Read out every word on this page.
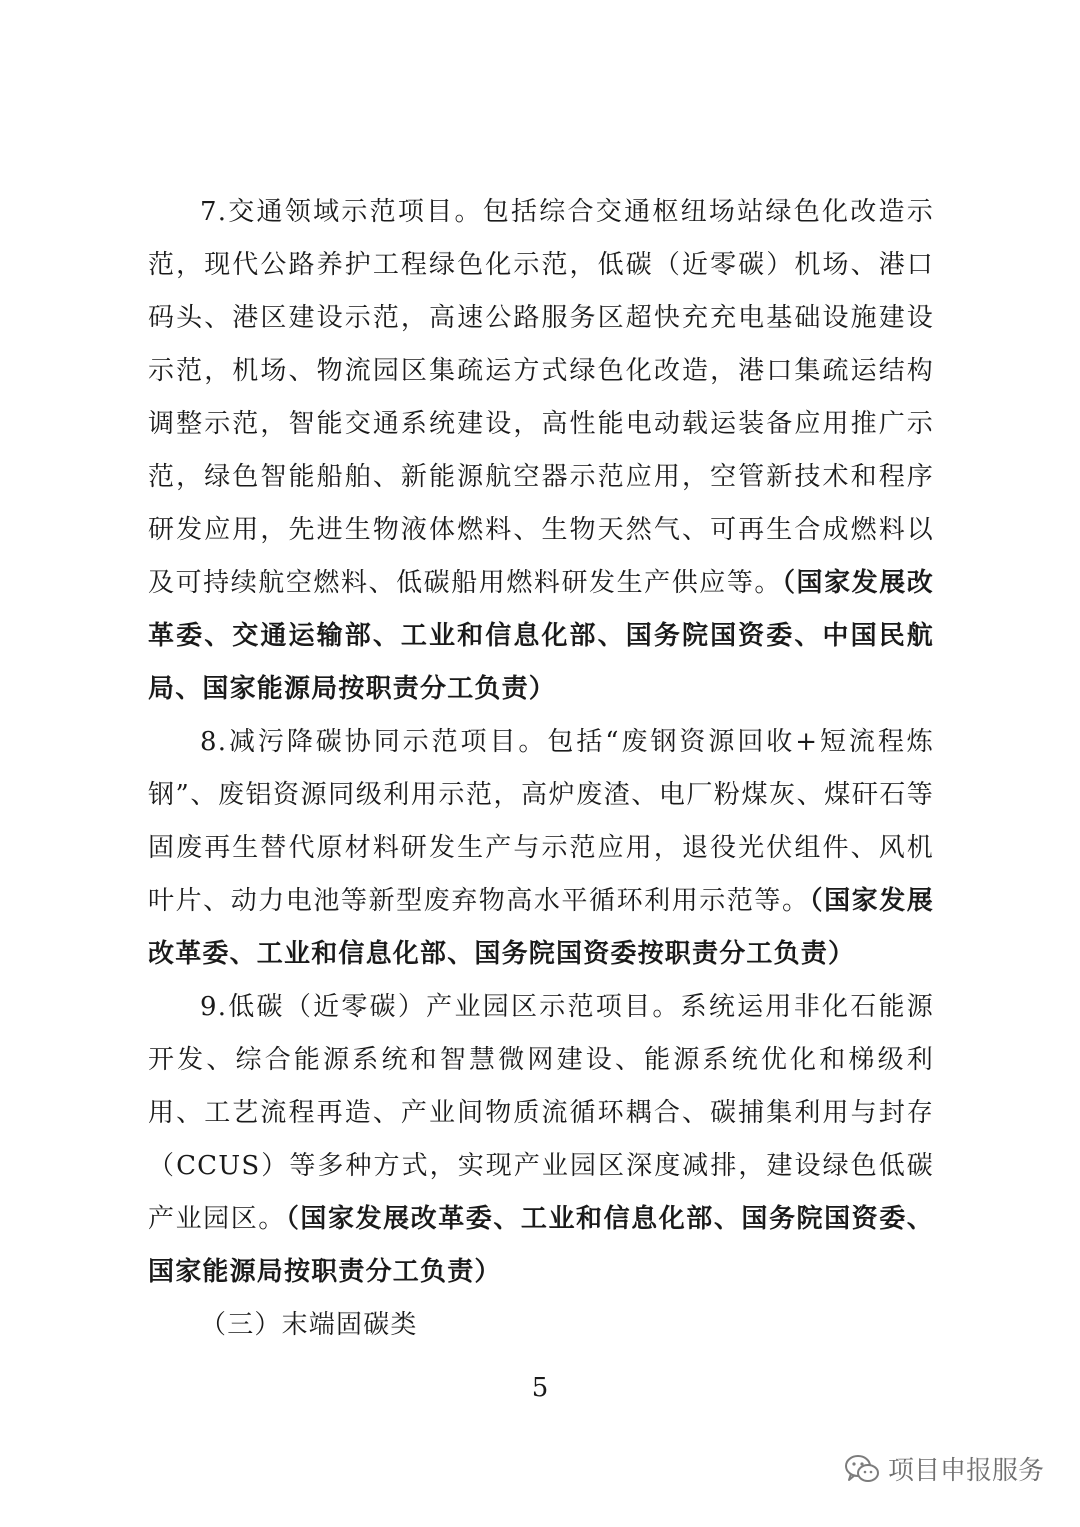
7.交通领域示范项目。包括综合交通枢纽场站绿色化改造示范，现代公路养护工程绿色化示范，低碳（近零碳）机场、港口码头、港区建设示范，高速公路服务区超快充充电基础设施建设示范，机场、物流园区集疏运方式绿色化改造，港口集疏运结构调整示范，智能交通系统建设，高性能电动载运装备应用推广示范，绿色智能船舶、新能源航空器示范应用，空管新技术和程序研发应用，先进生物液体燃料、生物天然气、可再生合成燃料以及可持续航空燃料、低碳船用燃料研发生产供应等。（国家发展改革委、交通运输部、工业和信息化部、国务院国资委、中国民航局、国家能源局按职责分工负责）

8.减污降碳协同示范项目。包括“废钢资源回收+短流程炼钢”、废铝资源同级利用示范，高炉废渣、电厂粉煤灰、煤矸石等固废再生替代原材料研发生产与示范应用，退役光伏组件、风机叶片、动力电池等新型废弃物高水平循环利用示范等。（国家发展改革委、工业和信息化部、国务院国资委按职责分工负责）

9.低碳（近零碳）产业园区示范项目。系统运用非化石能源开发、综合能源系统和智慧微网建设、能源系统优化和梯级利用、工艺流程再造、产业间物质流循环耦合、碳捕集利用与封存（CCUS）等多种方式，实现产业园区深度减排，建设绿色低碳产业园区。（国家发展改革委、工业和信息化部、国务院国资委、国家能源局按职责分工负责）

（三）末端固碳类

5
项目申报服务
